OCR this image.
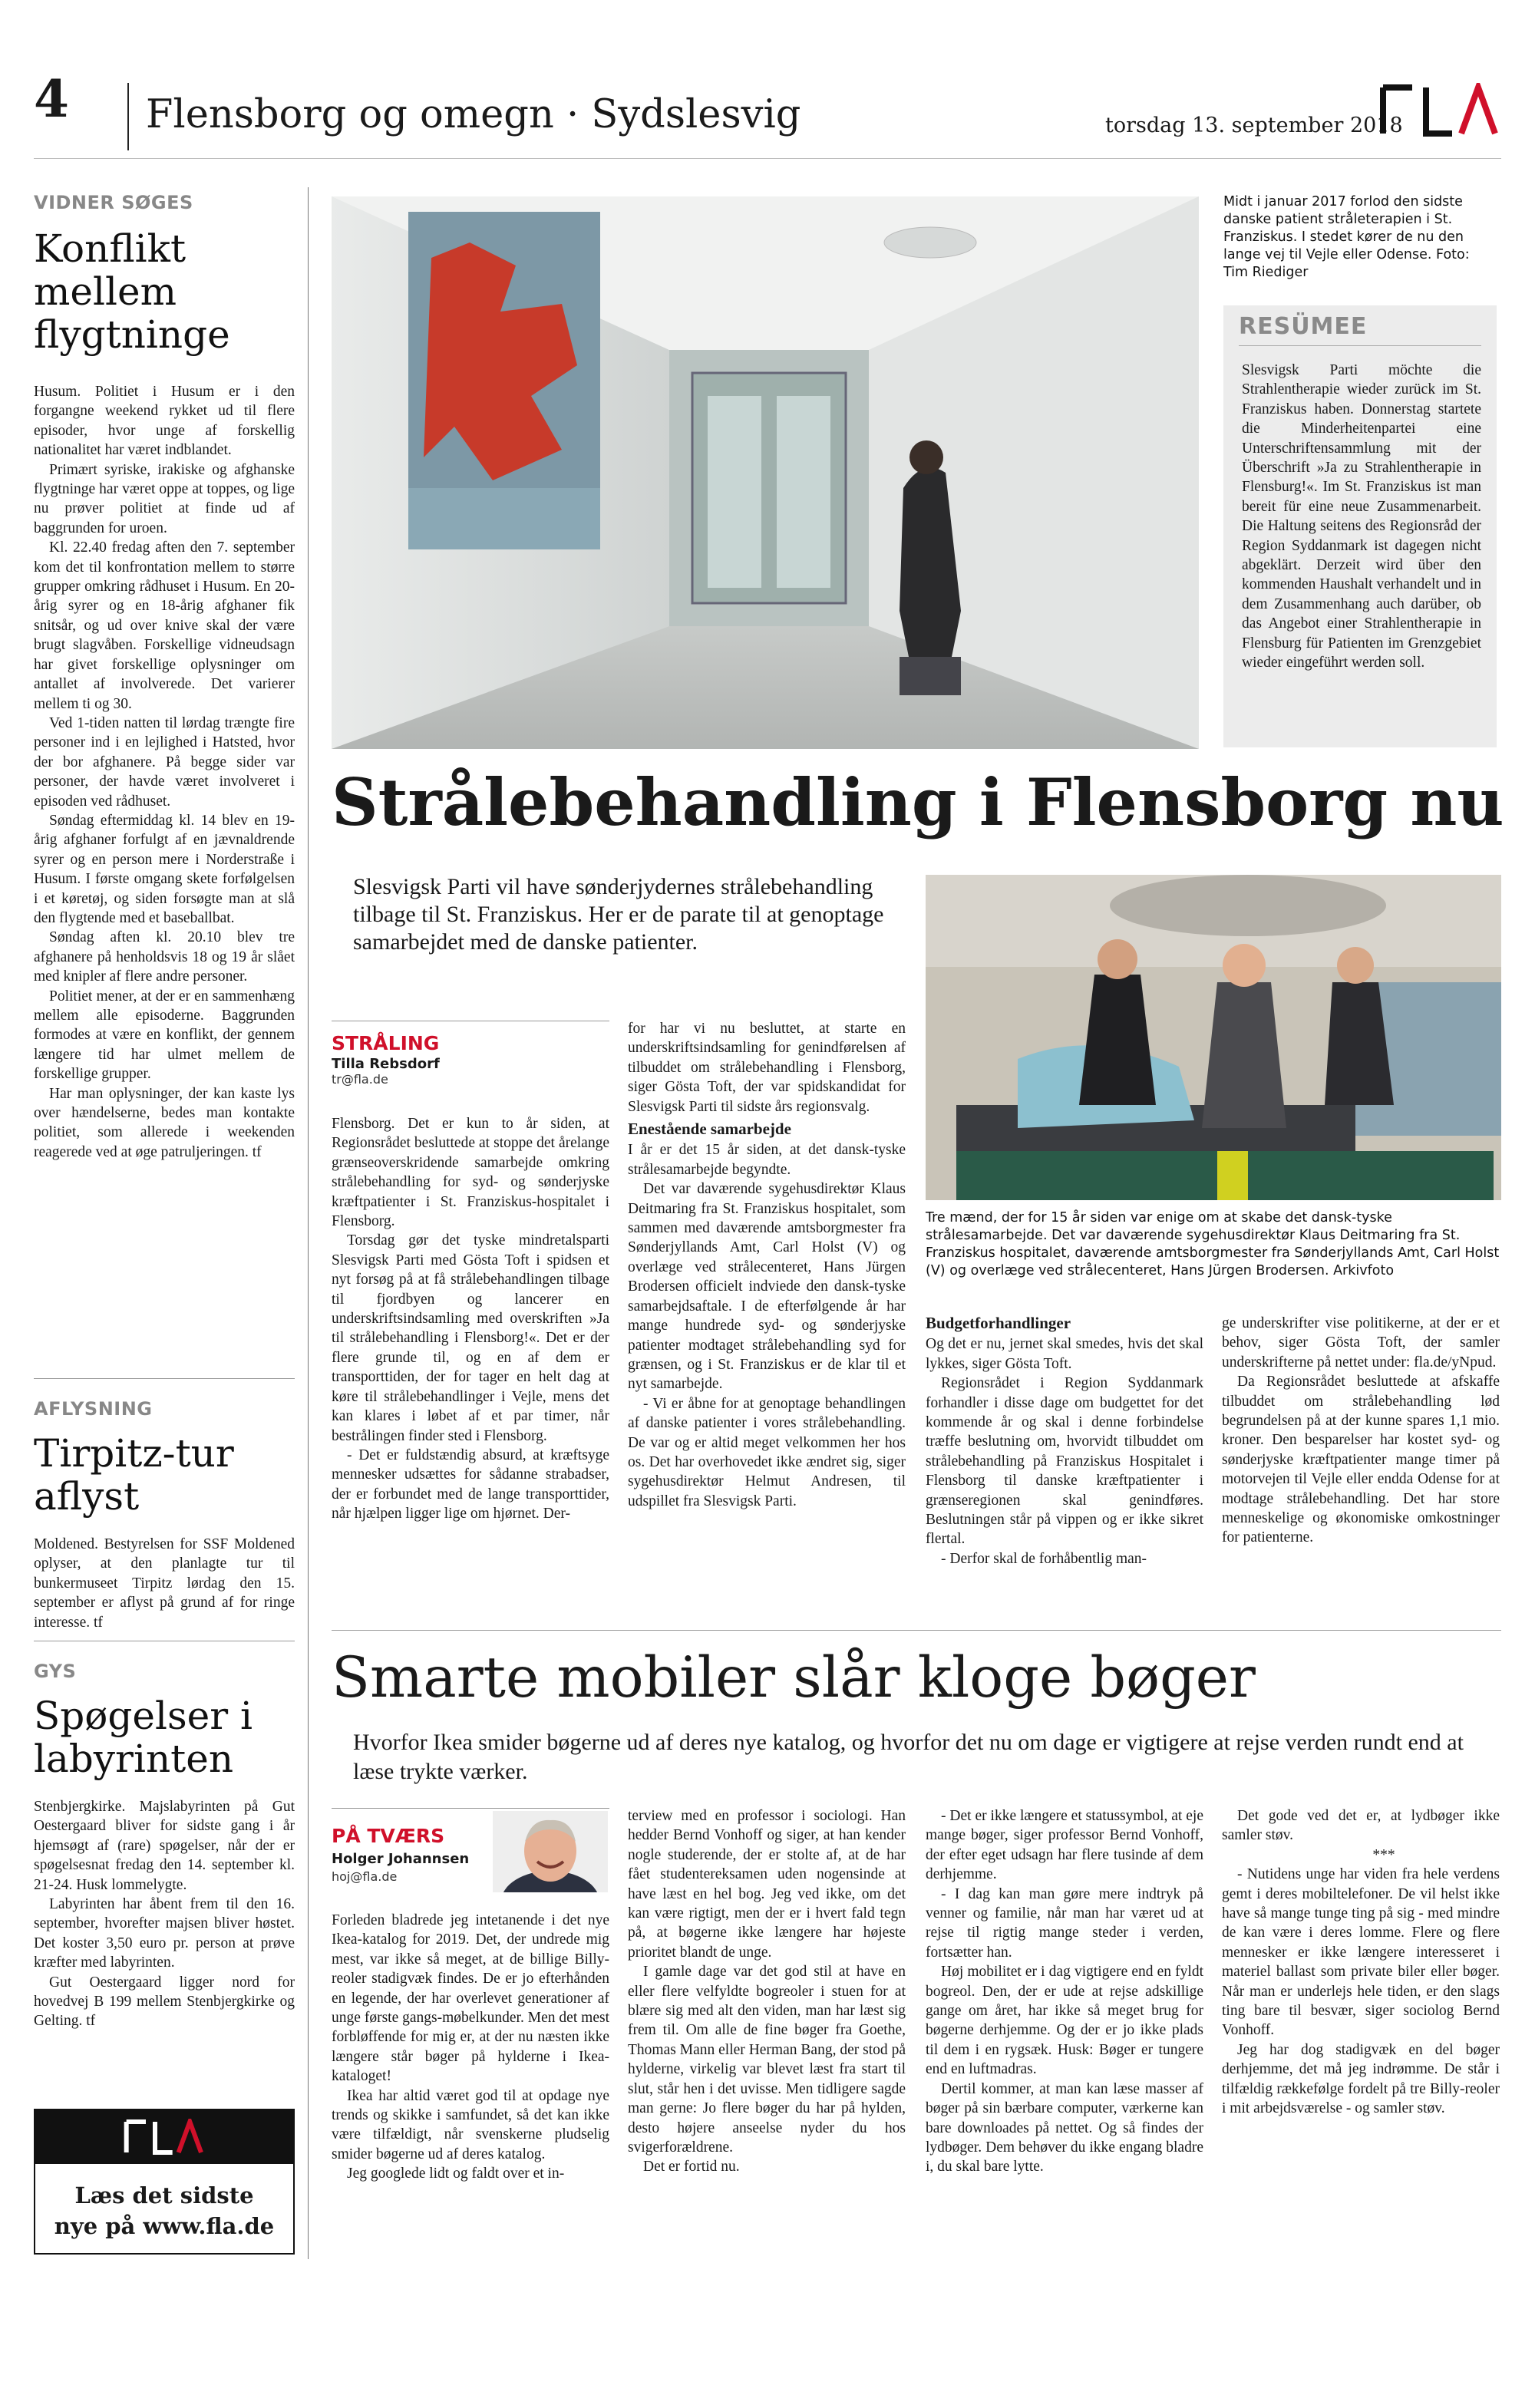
4 Flensborg og omegn · Sydslesvig	torsdag 13. september 2018
VIDNER SØGES
Konflikt mellem flygtninge

Husum. Politiet i Husum er i den forgangne weekend rykket ud til flere episoder, hvor unge af forskellig nationalitet har været indblandet.

Primært syriske, irakiske og afghanske flygtninge har været oppe at toppes, og lige nu prøver politiet at finde ud af baggrunden for uroen.

Kl. 22.40 fredag aften den 7. september kom det til konfrontation mellem to større grupper omkring rådhuset i Husum. En 20-årig syrer og en 18-årig afghaner fik snitsår, og ud over knive skal der være brugt slagvåben. Forskellige vidneudsagn har givet forskellige oplysninger om antallet af involverede. Det varierer mellem ti og 30.

Ved 1-tiden natten til lørdag trængte fire personer ind i en lejlighed i Hatsted, hvor der bor afghanere. På begge sider var personer, der havde været involveret i episoden ved rådhuset.

Søndag eftermiddag kl. 14 blev en 19-årig afghaner forfulgt af en jævnaldrende syrer og en person mere i Norderstraße i Husum. I første omgang skete forfølgelsen i et køretøj, og siden forsøgte man at slå den flygtende med et baseballbat.

Søndag aften kl. 20.10 blev tre afghanere på henholdsvis 18 og 19 år slået med knipler af flere andre personer.

Politiet mener, at der er en sammenhæng mellem alle episoderne. Baggrunden formodes at være en konflikt, der gennem længere tid har ulmet mellem de forskellige grupper.

Har man oplysninger, der kan kaste lys over hændelserne, bedes man kontakte politiet, som allerede i weekenden reagerede ved at øge patruljeringen. tf

AFLYSNING
Tirpitz-tur aflyst

Moldened. Bestyrelsen for SSF Moldened oplyser, at den planlagte tur til bunkermuseet Tirpitz lørdag den 15. september er aflyst på grund af for ringe interesse. tf

GYS
Spøgelser i labyrinten

Stenbjergkirke. Majslabyrinten på Gut Oestergaard bliver for sidste gang i år hjemsøgt af (rare) spøgelser, når der er spøgelsesnat fredag den 14. september kl. 21-24. Husk lommelygte.

Labyrinten har åbent frem til den 16. september, hvorefter majsen bliver høstet. Det koster 3,50 euro pr. person at prøve kræfter med labyrinten.

Gut Oestergaard ligger nord for hovedvej B 199 mellem Stenbjergkirke og Gelting. tf

Læs det sidste
nye på www.fla.de
Midt i januar 2017 forlod den sidste danske patient stråleterapien i St. Franziskus. I stedet kører de nu den lange vej til Vejle eller Odense. Foto: Tim Riediger
RESÜMEE
Slesvigsk Parti möchte die Strahlentherapie wieder zurück im St. Franziskus haben. Donnerstag startete die Minderheitenpartei eine Unterschriftensammlung mit der Überschrift »Ja zu Strahlentherapie in Flensburg!«. Im St. Franziskus ist man bereit für eine neue Zusammenarbeit. Die Haltung seitens des Regionsråd der Region Syddanmark ist dagegen nicht abgeklärt. Derzeit wird über den kommenden Haushalt verhandelt und in dem Zusammenhang auch darüber, ob das Angebot einer Strahlentherapie in Flensburg für Patienten im Grenzgebiet wieder eingeführt werden soll.
Strålebehandling i Flensborg nu
Slesvigsk Parti vil have sønderjydernes strålebehandling tilbage til St. Franziskus. Her er de parate til at genoptage samarbejdet med de danske patienter.
Tre mænd, der for 15 år siden var enige om at skabe det dansk-tyske strålesamarbejde. Det var daværende sygehusdirektør Klaus Deitmaring fra St. Franziskus hospitalet, daværende amtsborgmester fra Sønderjyllands Amt, Carl Holst (V) og overlæge ved strålecenteret, Hans Jürgen Brodersen. Arkivfoto
STRÅLING
Tilla Rebsdorf
tr@fla.de

Flensborg. Det er kun to år siden, at Regionsrådet besluttede at stoppe det årelange grænseoverskridende samarbejde omkring strålebehandling for syd- og sønderjyske kræftpatienter i St. Franziskus-hospitalet i Flensborg.

Torsdag gør det tyske mindretalsparti Slesvigsk Parti med Gösta Toft i spidsen et nyt forsøg på at få strålebehandlingen tilbage til fjordbyen og lancerer en underskriftsindsamling med overskriften »Ja til strålebehandling i Flensborg!«. Det er der flere grunde til, og en af dem er transporttiden, der for tager en helt dag at køre til strålebehandlinger i Vejle, mens det kan klares i løbet af et par timer, når bestrålingen finder sted i Flensborg.

- Det er fuldstændig absurd, at kræftsyge mennesker udsættes for sådanne strabadser, der er forbundet med de lange transporttider, når hjælpen ligger lige om hjørnet. Der-

for har vi nu besluttet, at starte en underskriftsindsamling for genindførelsen af tilbuddet om strålebehandling i Flensborg, siger Gösta Toft, der var spidskandidat for Slesvigsk Parti til sidste års regionsvalg.

Enestående samarbejde

I år er det 15 år siden, at det dansk-tyske strålesamarbejde begyndte.

Det var daværende sygehusdirektør Klaus Deitmaring fra St. Franziskus hospitalet, som sammen med daværende amtsborgmester fra Sønderjyllands Amt, Carl Holst (V) og overlæge ved strålecenteret, Hans Jürgen Brodersen officielt indviede den dansk-tyske samarbejdsaftale. I de efterfølgende år har mange hundrede syd- og sønderjyske patienter modtaget strålebehandling syd for grænsen, og i St. Franziskus er de klar til et nyt samarbejde.

- Vi er åbne for at genoptage behandlingen af danske patienter i vores strålebehandling. De var og er altid meget velkommen her hos os. Det har overhovedet ikke ændret sig, siger sygehusdirektør Helmut Andresen, til udspillet fra Slesvigsk Parti.

Budgetforhandlinger

Og det er nu, jernet skal smedes, hvis det skal lykkes, siger Gösta Toft.

Regionsrådet i Region Syddanmark forhandler i disse dage om budgettet for det kommende år og skal i denne forbindelse træffe beslutning om, hvorvidt tilbuddet om strålebehandling på Franziskus Hospitalet i Flensborg til danske kræftpatienter i grænseregionen skal genindføres. Beslutningen står på vippen og er ikke sikret flertal.

- Derfor skal de forhåbentlig man-

ge underskrifter vise politikerne, at der er et behov, siger Gösta Toft, der samler underskrifterne på nettet under: fla.de/yNpud.

Da Regionsrådet besluttede at afskaffe tilbuddet om strålebehandling lød begrundelsen på at der kunne spares 1,1 mio. kroner. Den besparelser har kostet syd- og sønderjyske kræftpatienter mange timer på motorvejen til Vejle eller endda Odense for at modtage strålebehandling. Det har store menneskelige og økonomiske omkostninger for patienterne.

Smarte mobiler slår kloge bøger
Hvorfor Ikea smider bøgerne ud af deres nye katalog, og hvorfor det nu om dage er vigtigere at rejse verden rundt end at læse trykte værker.
PÅ TVÆRS
Holger Johannsen
hoj@fla.de

Forleden bladrede jeg intetanende i det nye Ikea-katalog for 2019. Det, der undrede mig mest, var ikke så meget, at de billige Billy-reoler stadigvæk findes. De er jo efterhånden en legende, der har overlevet generationer af unge første gangs-møbelkunder. Men det mest forbløffende for mig er, at der nu næsten ikke længere står bøger på hylderne i Ikea-kataloget!

Ikea har altid været god til at opdage nye trends og skikke i samfundet, så det kan ikke være tilfældigt, når svenskerne pludselig smider bøgerne ud af deres katalog.

Jeg googlede lidt og faldt over et in-

terview med en professor i sociologi. Han hedder Bernd Vonhoff og siger, at han kender nogle studerende, der er stolte af, at de har fået studentereksamen uden nogensinde at have læst en hel bog. Jeg ved ikke, om det kan være rigtigt, men der er i hvert fald tegn på, at bøgerne ikke længere har højeste prioritet blandt de unge.

I gamle dage var det god stil at have en eller flere velfyldte bogreoler i stuen for at blære sig med alt den viden, man har læst sig frem til. Om alle de fine bøger fra Goethe, Thomas Mann eller Herman Bang, der stod på hylderne, virkelig var blevet læst fra start til slut, står hen i det uvisse. Men tidligere sagde man gerne: Jo flere bøger du har på hylden, desto højere anseelse nyder du hos svigerforældrene.

Det er fortid nu.

- Det er ikke længere et statussymbol, at eje mange bøger, siger professor Bernd Vonhoff, der efter eget udsagn har flere tusinde af dem derhjemme.

- I dag kan man gøre mere indtryk på venner og familie, når man har været ud at rejse til rigtig mange steder i verden, fortsætter han.

Høj mobilitet er i dag vigtigere end en fyldt bogreol. Den, der er ude at rejse adskillige gange om året, har ikke så meget brug for bøgerne derhjemme. Og der er jo ikke plads til dem i en rygsæk. Husk: Bøger er tungere end en luftmadras.

Dertil kommer, at man kan læse masser af bøger på sin bærbare computer, værkerne kan bare downloades på nettet. Og så findes der lydbøger. Dem behøver du ikke engang bladre i, du skal bare lytte.

Det gode ved det er, at lydbøger ikke samler støv.

***

- Nutidens unge har viden fra hele verdens gemt i deres mobiltelefoner. De vil helst ikke have så mange tunge ting på sig - med mindre de kan være i deres lomme. Flere og flere mennesker er ikke længere interesseret i materiel ballast som private biler eller bøger. Når man er underlejs hele tiden, er den slags ting bare til besvær, siger sociolog Bernd Vonhoff.

Jeg har dog stadigvæk en del bøger derhjemme, det må jeg indrømme. De står i tilfældig rækkefølge fordelt på tre Billy-reoler i mit arbejdsværelse - og samler støv.
